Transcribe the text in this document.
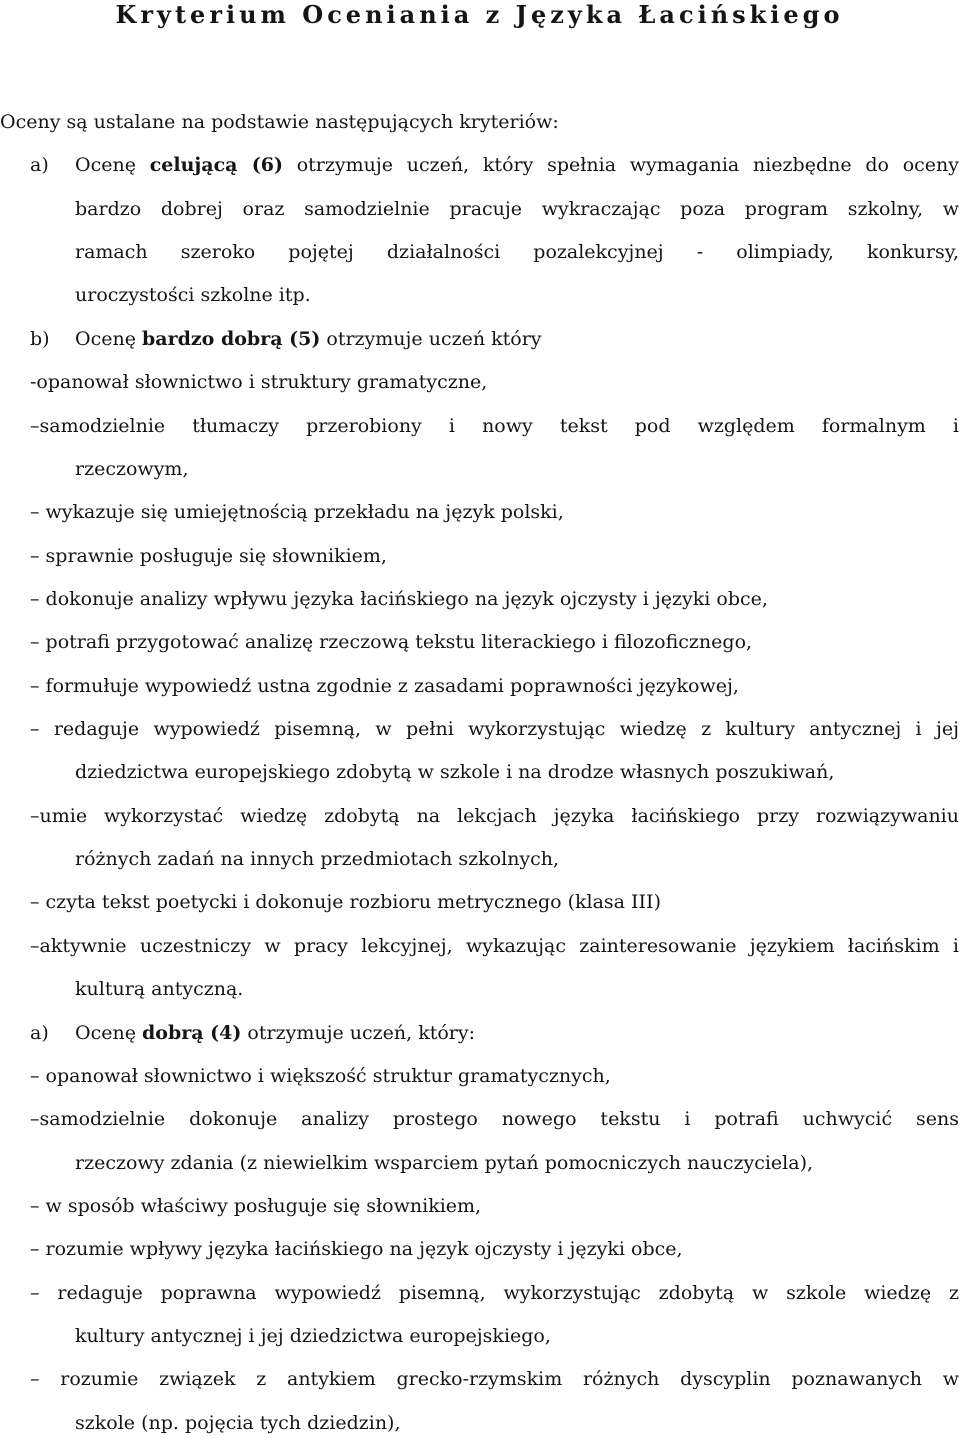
Kryterium Oceniania z Języka Łacińskiego

Oceny są ustalane na podstawie następujących kryteriów:

a)	Ocenę celującą (6) otrzymuje uczeń, który spełnia wymagania niezbędne do oceny

bardzo dobrej oraz samodzielnie pracuje wykraczając poza program szkolny, w

ramach szeroko pojętej działalności pozalekcyjnej - olimpiady, konkursy,

uroczystości szkolne itp.

b)	Ocenę bardzo dobrą (5) otrzymuje uczeń który

-opanował słownictwo i struktury gramatyczne,

–samodzielnie tłumaczy przerobiony i nowy tekst pod względem formalnym i

rzeczowym,

– wykazuje się umiejętnością przekładu na język polski,

– sprawnie posługuje się słownikiem,

– dokonuje analizy wpływu języka łacińskiego na język ojczysty i języki obce,

– potrafi przygotować analizę rzeczową tekstu literackiego i filozoficznego,

– formułuje wypowiedź ustna zgodnie z zasadami poprawności językowej,

– redaguje wypowiedź pisemną, w pełni wykorzystując wiedzę z kultury antycznej i jej

dziedzictwa europejskiego zdobytą w szkole i na drodze własnych poszukiwań,

–umie wykorzystać wiedzę zdobytą na lekcjach języka łacińskiego przy rozwiązywaniu

różnych zadań na innych przedmiotach szkolnych,

– czyta tekst poetycki i dokonuje rozbioru metrycznego (klasa III)

–aktywnie uczestniczy w pracy lekcyjnej, wykazując zainteresowanie językiem łacińskim i

kulturą antyczną.

a)	Ocenę dobrą (4) otrzymuje uczeń, który:

– opanował słownictwo i większość struktur gramatycznych,

–samodzielnie dokonuje analizy prostego nowego tekstu i potrafi uchwycić sens

rzeczowy zdania (z niewielkim wsparciem pytań pomocniczych nauczyciela),

– w sposób właściwy posługuje się słownikiem,

– rozumie wpływy języka łacińskiego na język ojczysty i języki obce,

– redaguje poprawna wypowiedź pisemną, wykorzystując zdobytą w szkole wiedzę z

kultury antycznej i jej dziedzictwa europejskiego,

– rozumie związek z antykiem grecko-rzymskim różnych dyscyplin poznawanych w

szkole (np. pojęcia tych dziedzin),
